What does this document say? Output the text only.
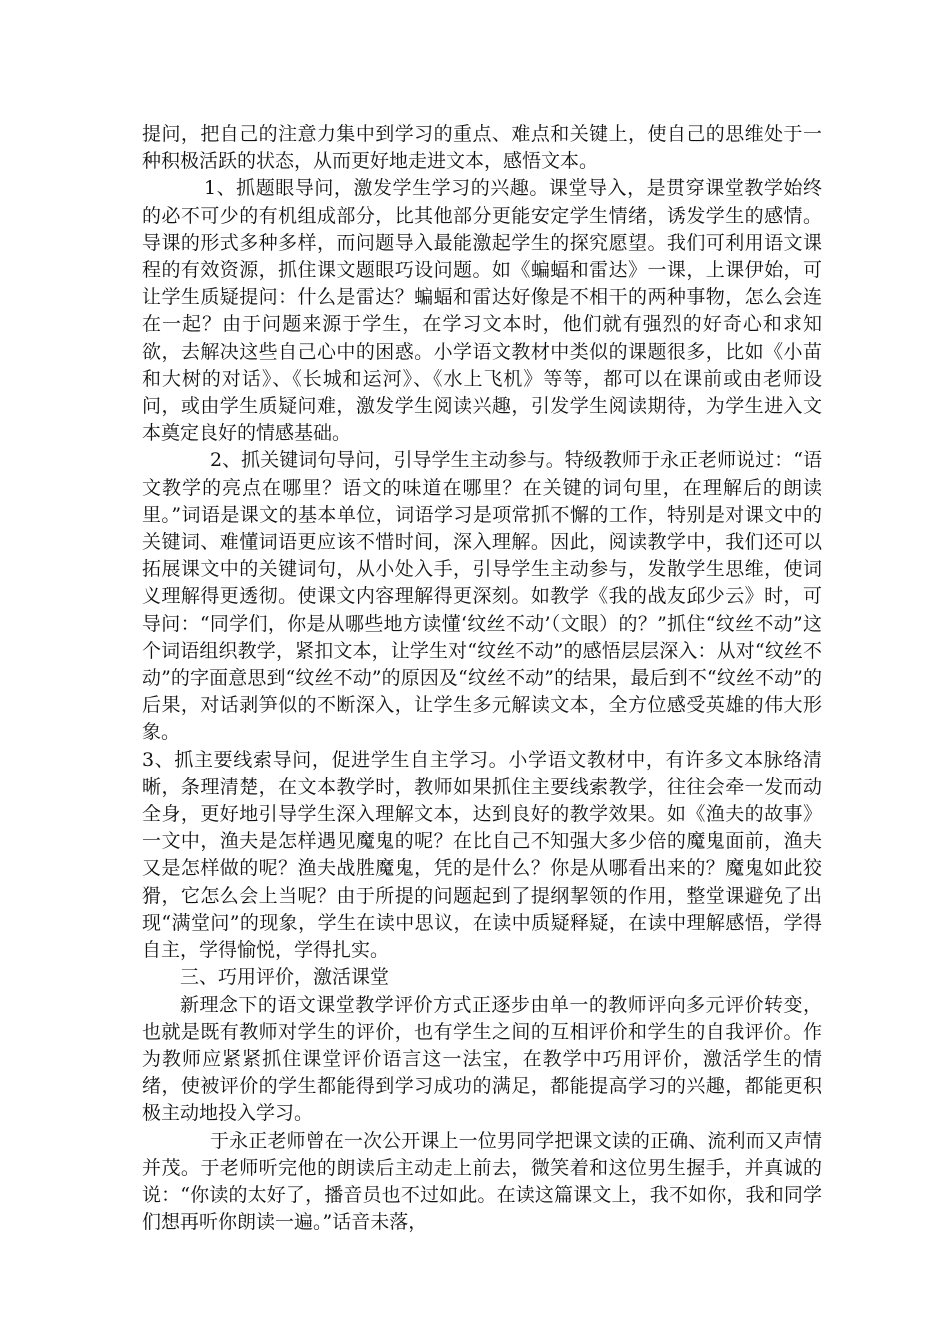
提问，把自己的注意力集中到学习的重点、难点和关键上，使自己的思维处于一种积极活跃的状态，从而更好地走进文本，感悟文本。

1、抓题眼导问，激发学生学习的兴趣。课堂导入，是贯穿课堂教学始终的必不可少的有机组成部分，比其他部分更能安定学生情绪，诱发学生的感情。导课的形式多种多样，而问题导入最能激起学生的探究愿望。我们可利用语文课程的有效资源，抓住课文题眼巧设问题。如《蝙蝠和雷达》一课，上课伊始，可让学生质疑提问：什么是雷达？蝙蝠和雷达好像是不相干的两种事物，怎么会连在一起？由于问题来源于学生，在学习文本时，他们就有强烈的好奇心和求知欲，去解决这些自己心中的困惑。小学语文教材中类似的课题很多，比如《小苗和大树的对话》、《长城和运河》、《水上飞机》等等，都可以在课前或由老师设问，或由学生质疑问难，激发学生阅读兴趣，引发学生阅读期待，为学生进入文本奠定良好的情感基础。

2、抓关键词句导问，引导学生主动参与。特级教师于永正老师说过：“语文教学的亮点在哪里？语文的味道在哪里？在关键的词句里，在理解后的朗读里。”词语是课文的基本单位，词语学习是项常抓不懈的工作，特别是对课文中的关键词、难懂词语更应该不惜时间，深入理解。因此，阅读教学中，我们还可以拓展课文中的关键词句，从小处入手，引导学生主动参与，发散学生思维，使词义理解得更透彻。使课文内容理解得更深刻。如教学《我的战友邱少云》时，可导问：“同学们，你是从哪些地方读懂‘纹丝不动’（文眼）的？”抓住“纹丝不动”这个词语组织教学，紧扣文本，让学生对“纹丝不动”的感悟层层深入：从对“纹丝不动”的字面意思到“纹丝不动”的原因及“纹丝不动”的结果，最后到不“纹丝不动”的后果，对话剥笋似的不断深入，让学生多元解读文本，全方位感受英雄的伟大形象。

3、抓主要线索导问，促进学生自主学习。小学语文教材中，有许多文本脉络清晰，条理清楚，在文本教学时，教师如果抓住主要线索教学，往往会牵一发而动全身，更好地引导学生深入理解文本，达到良好的教学效果。如《渔夫的故事》一文中，渔夫是怎样遇见魔鬼的呢？在比自己不知强大多少倍的魔鬼面前，渔夫又是怎样做的呢？渔夫战胜魔鬼，凭的是什么？你是从哪看出来的？魔鬼如此狡猾，它怎么会上当呢？由于所提的问题起到了提纲挈领的作用，整堂课避免了出现“满堂问”的现象，学生在读中思议，在读中质疑释疑，在读中理解感悟，学得自主，学得愉悦，学得扎实。

三、巧用评价，激活课堂

新理念下的语文课堂教学评价方式正逐步由单一的教师评向多元评价转变，也就是既有教师对学生的评价，也有学生之间的互相评价和学生的自我评价。作为教师应紧紧抓住课堂评价语言这一法宝，在教学中巧用评价，激活学生的情绪，使被评价的学生都能得到学习成功的满足，都能提高学习的兴趣，都能更积极主动地投入学习。

于永正老师曾在一次公开课上一位男同学把课文读的正确、流利而又声情并茂。于老师听完他的朗读后主动走上前去，微笑着和这位男生握手，并真诚的说：“你读的太好了，播音员也不过如此。在读这篇课文上，我不如你，我和同学们想再听你朗读一遍。”话音未落，
